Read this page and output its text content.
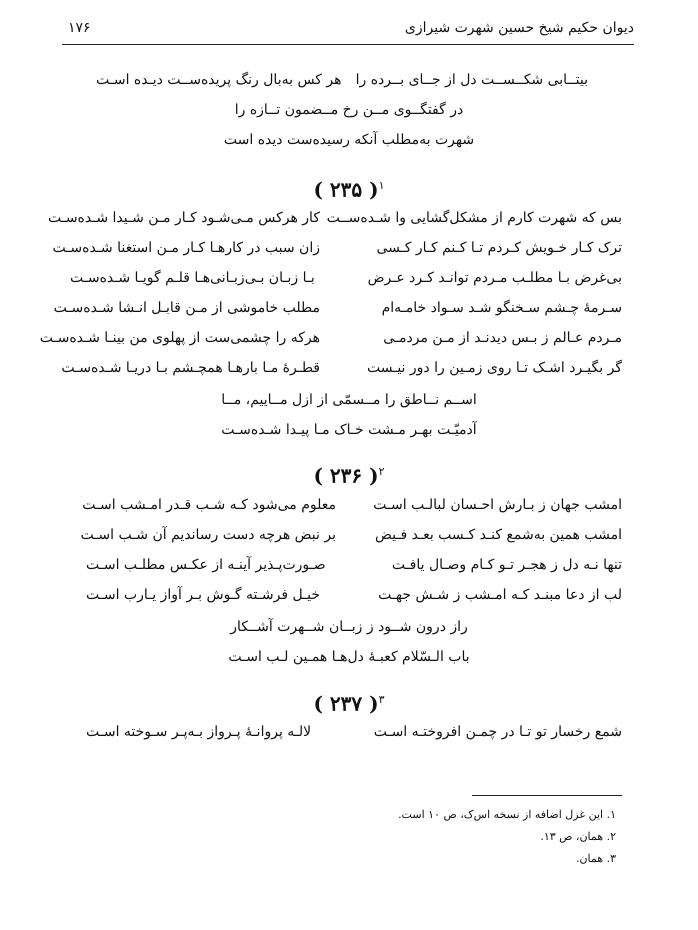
دیوان حکیم شیخ حسین شهرت شیرازی
۱۷۶
بیتــابی شکــســت دل از جــای بــرده را
هر کس به‌بال رنگ پریده‌ســت دیـده اسـت
در گفتگــوی مــن رخ مــضمون تــازه را
شهرت به‌مطلب آنکه رسیده‌ست دیده است
$^۱$( ۲۳۵ )
بس که شهرت کارم از مشکل‌گشایی وا شـده‌ســت
کار هرکس مـی‌شـود کـار مـن شـیدا شـده‌سـت
ترک کـار خـویش کـردم تـا کـنم کـار کـسی
زان سبب در کارهـا کـار مـن استغنا شـده‌سـت
بی‌غرض بـا مطلـب مـردم توانـد کـرد عـرض
بـا زبـان بـی‌زبـانی‌هـا قلـم گویـا شـده‌سـت
سـرمهٔ چـشم سـخنگو شـد سـواد خامـه‌ام
مطلب خاموشی از مـن قابـل انـشا شـده‌سـت
مـردم عـالم ز بـس دیدنـد از مـن مردمـی
هرکه را چشمی‌ست از پهلوی من بینـا شـده‌سـت
گر بگیـرد اشـک تـا روی زمـین را دور نیـست
قطـرهٔ مـا بارهـا همچـشم بـا دریـا شـده‌سـت
اســم نــاطق را مــسمّی از ازل مــاییم، مــا
آدمیّـت بهـر مـشت خـاک مـا پیـدا شـده‌سـت
$^۲$( ۲۳۶ )
امشب جهان ز بـارش احـسان لبالـب اسـت
معلوم می‌شود کـه شـب قـدر امـشب اسـت
امشب همین به‌شمع کنـد کـسب بعـد فـیض
بر نبض هرچه دست رساندیم آن شـب اسـت
تنها نـه دل ز هجـر تـو کـام وصـال یافـت
صـورت‌پـذیر آینـه از عکـس مطلـب اسـت
لب از دعا مبنـد کـه امـشب ز شـش جهـت
خیـل فرشـته گـوش بـر آواز یـارب اسـت
راز درون شــود ز زبــان شــهرت آشــکار
باب الـسّلام کعبـهٔ دل‌هـا همـین لـب اسـت
$^۳$( ۲۳۷ )
شمع رخسار تو تـا در چمـن افروختـه اسـت
لالـه پروانـهٔ پـرواز بـه‌پـر سـوخته اسـت
۱. این غزل اضافه از نسخه اس‌ک، ص ۱۰ است.
۲. همان، ص ۱۳.
۳. همان.
